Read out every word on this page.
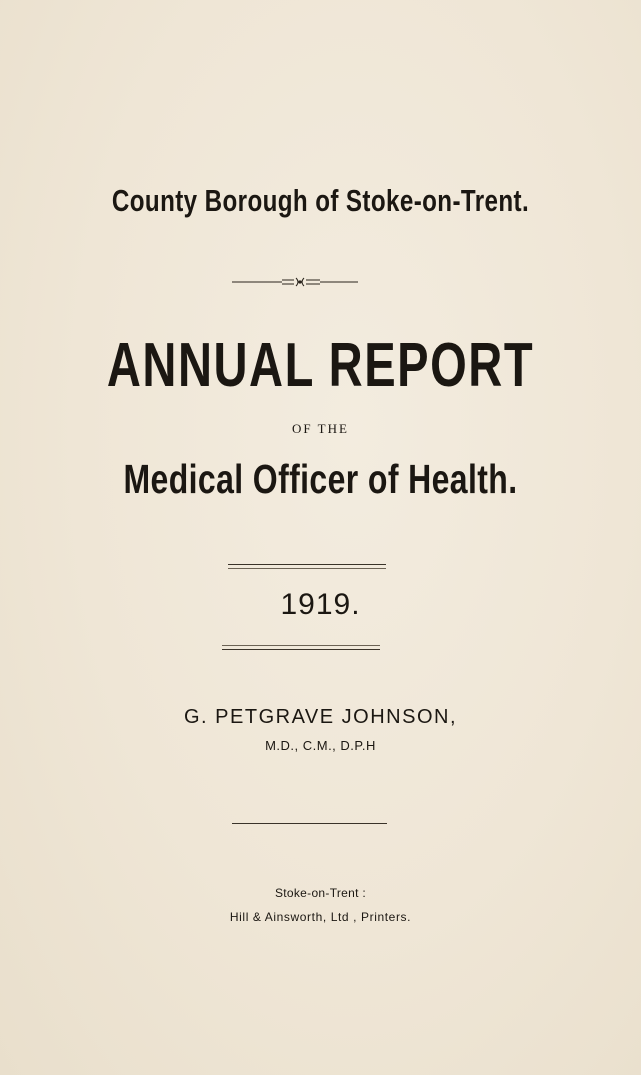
County Borough of Stoke-on-Trent.
ANNUAL REPORT
OF THE
Medical Officer of Health.
1919.
G. PETGRAVE JOHNSON,
M.D., C.M., D.P.H
Stoke-on-Trent :
Hill & Ainsworth, Ltd , Printers.
